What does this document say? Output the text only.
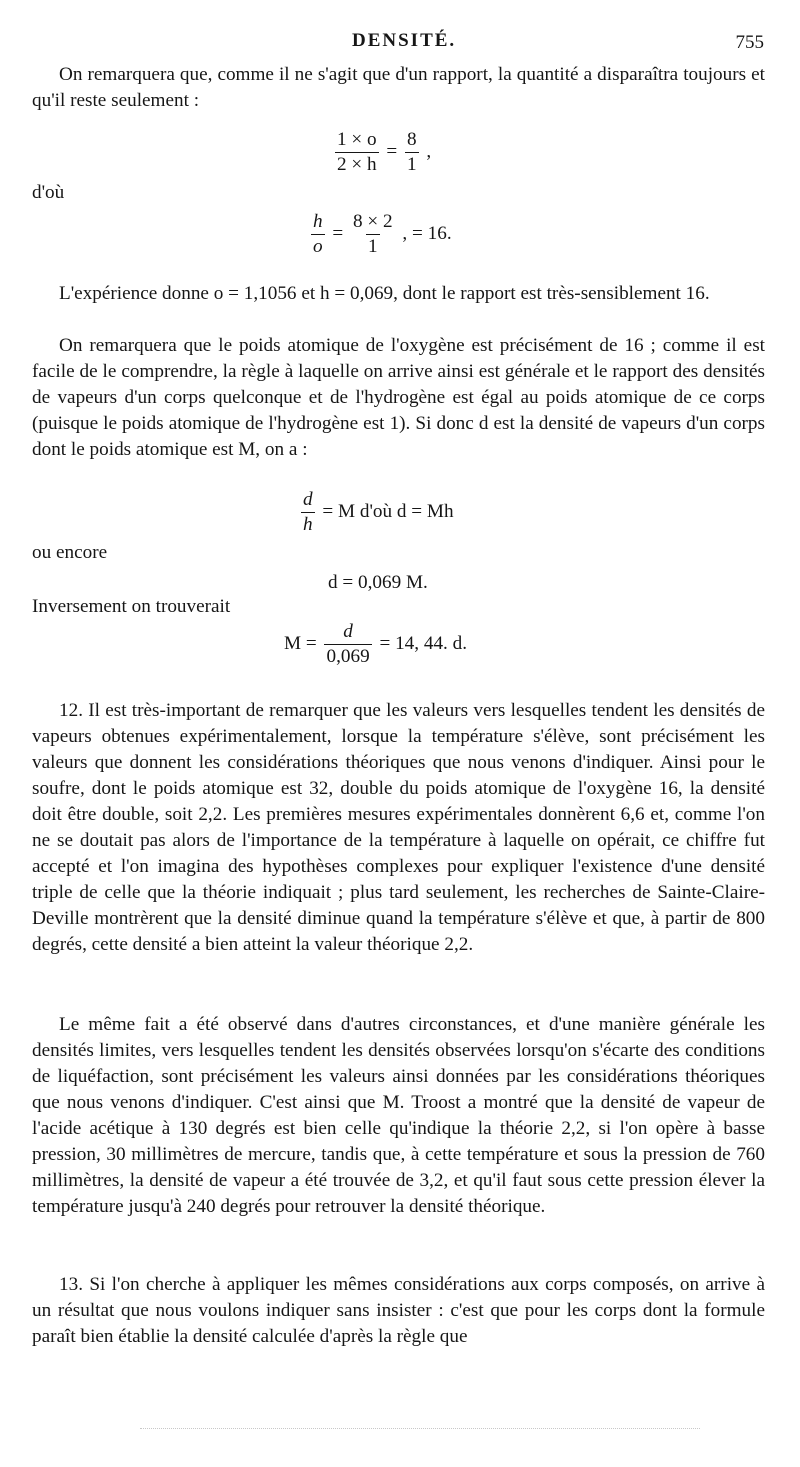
DENSITÉ.	755

On remarquera que, comme il ne s'agit que d'un rapport, la quantité a disparaîtra toujours et qu'il reste seulement :

$\frac{1 \times o}{2 \times h} = \frac{8}{1}$ ,
d'où
$\frac{h}{o} = \frac{8 \times 2}{1}$ , = 16.

L'expérience donne o = 1,1056 et h = 0,069, dont le rapport est très-sensiblement 16.

On remarquera que le poids atomique de l'oxygène est précisément de 16 ; comme il est facile de le comprendre, la règle à laquelle on arrive ainsi est générale et le rapport des densités de vapeurs d'un corps quelconque et de l'hydrogène est égal au poids atomique de ce corps (puisque le poids atomique de l'hydrogène est 1). Si donc d est la densité de vapeurs d'un corps dont le poids atomique est M, on a :

$\frac{d}{h} = M$ d'où d = Mh
ou encore
d = 0,069 M.
Inversement on trouverait
$M = \frac{d}{0,069} = 14$, 44. d.

12. Il est très-important de remarquer que les valeurs vers lesquelles tendent les densités de vapeurs obtenues expérimentalement, lorsque la température s'élève, sont précisément les valeurs que donnent les considérations théoriques que nous venons d'indiquer. Ainsi pour le soufre, dont le poids atomique est 32, double du poids atomique de l'oxygène 16, la densité doit être double, soit 2,2. Les premières mesures expérimentales donnèrent 6,6 et, comme l'on ne se doutait pas alors de l'importance de la température à laquelle on opérait, ce chiffre fut accepté et l'on imagina des hypothèses complexes pour expliquer l'existence d'une densité triple de celle que la théorie indiquait ; plus tard seulement, les recherches de Sainte-Claire-Deville montrèrent que la densité diminue quand la température s'élève et que, à partir de 800 degrés, cette densité a bien atteint la valeur théorique 2,2.

Le même fait a été observé dans d'autres circonstances, et d'une manière générale les densités limites, vers lesquelles tendent les densités observées lorsqu'on s'écarte des conditions de liquéfaction, sont précisément les valeurs ainsi données par les considérations théoriques que nous venons d'indiquer. C'est ainsi que M. Troost a montré que la densité de vapeur de l'acide acétique à 130 degrés est bien celle qu'indique la théorie 2,2, si l'on opère à basse pression, 30 millimètres de mercure, tandis que, à cette température et sous la pression de 760 millimètres, la densité de vapeur a été trouvée de 3,2, et qu'il faut sous cette pression élever la température jusqu'à 240 degrés pour retrouver la densité théorique.

13. Si l'on cherche à appliquer les mêmes considérations aux corps composés, on arrive à un résultat que nous voulons indiquer sans insister : c'est que pour les corps dont la formule paraît bien établie la densité calculée d'après la règle que
